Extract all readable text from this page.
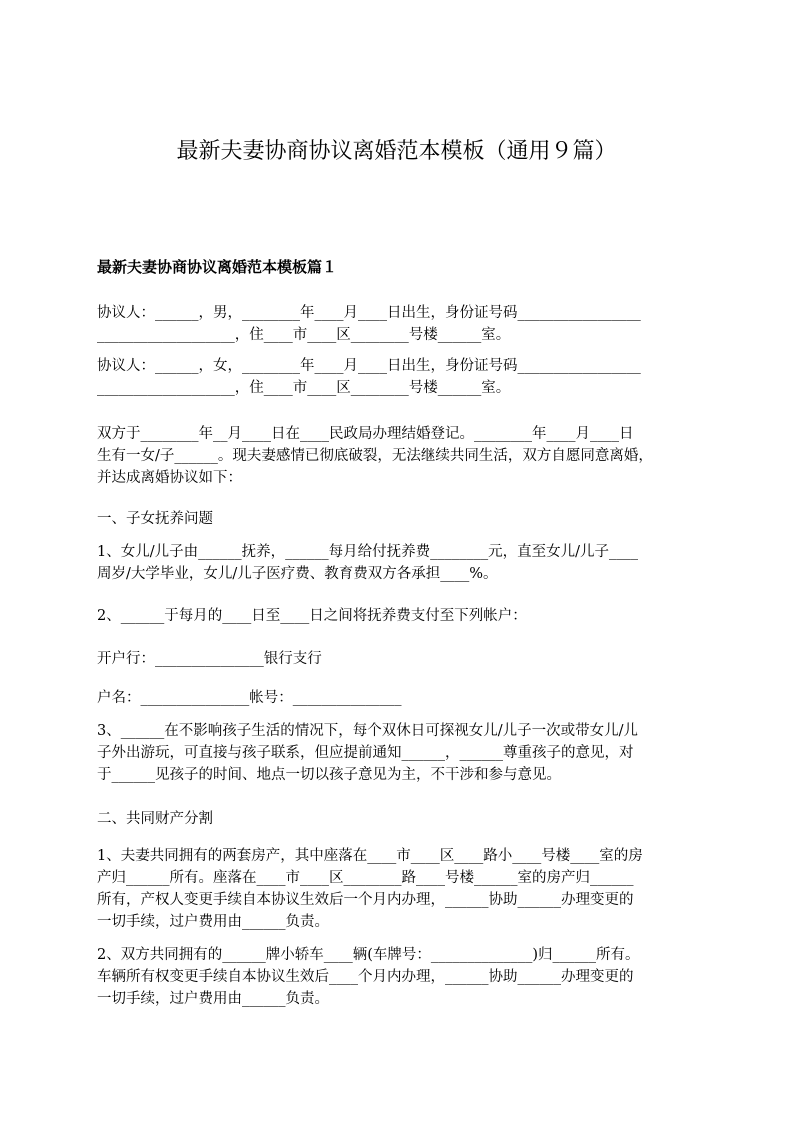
最新夫妻协商协议离婚范本模板（通用９篇）
最新夫妻协商协议离婚范本模板篇１
协议人：______，男，________年____月____日出生，身份证号码_________________
___________________，住____市____区________号楼______室。
协议人：______，女，________年____月____日出生，身份证号码_________________
___________________，住____市____区________号楼______室。
双方于________年__月____日在____民政局办理结婚登记。________年____月____日
生有一女/子______。现夫妻感情已彻底破裂，无法继续共同生活，双方自愿同意离婚，
并达成离婚协议如下：
一、子女抚养问题
1、女儿/儿子由______抚养，______每月给付抚养费________元，直至女儿/儿子____
周岁/大学毕业，女儿/儿子医疗费、教育费双方各承担____%。
2、______于每月的____日至____日之间将抚养费支付至下列帐户：
开户行：_______________银行支行
户名：_______________帐号：_______________
3、______在不影响孩子生活的情况下，每个双休日可探视女儿/儿子一次或带女儿/儿
子外出游玩，可直接与孩子联系，但应提前通知______，______尊重孩子的意见，对
于______见孩子的时间、地点一切以孩子意见为主，不干涉和参与意见。
二、共同财产分割
1、夫妻共同拥有的两套房产，其中座落在____市____区____路小____号楼____室的房
产归______所有。座落在____市____区________路____号楼______室的房产归______
所有，产权人变更手续自本协议生效后一个月内办理，______协助______办理变更的
一切手续，过户费用由______负责。
2、双方共同拥有的______牌小轿车____辆(车牌号：______________)归______所有。
车辆所有权变更手续自本协议生效后____个月内办理，______协助______办理变更的
一切手续，过户费用由______负责。
